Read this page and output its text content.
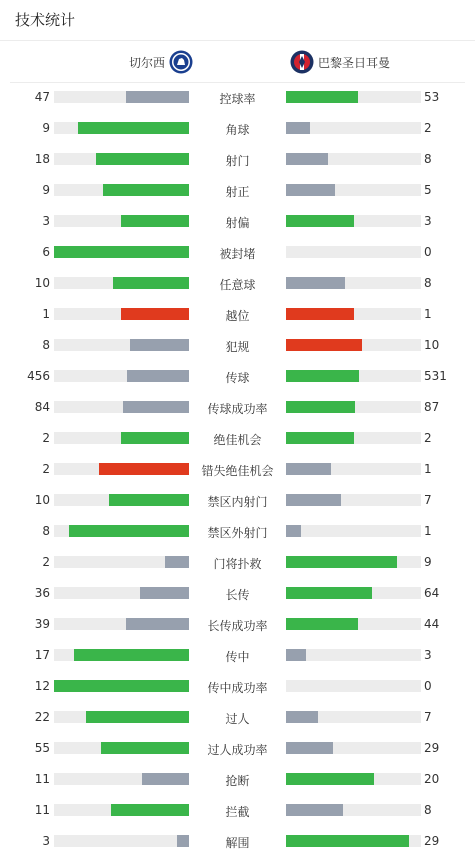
技术统计
切尔西	巴黎圣日耳曼
47	控球率	53
9	角球	2
18	射门	8
9	射正	5
3	射偏	3
6	被封堵	0
10	任意球	8
1	越位	1
8	犯规	10
456	传球	531
84	传球成功率	87
2	绝佳机会	2
2	错失绝佳机会	1
10	禁区内射门	7
8	禁区外射门	1
2	门将扑救	9
36	长传	64
39	长传成功率	44
17	传中	3
12	传中成功率	0
22	过人	7
55	过人成功率	29
11	抢断	20
11	拦截	8
3	解围	29
